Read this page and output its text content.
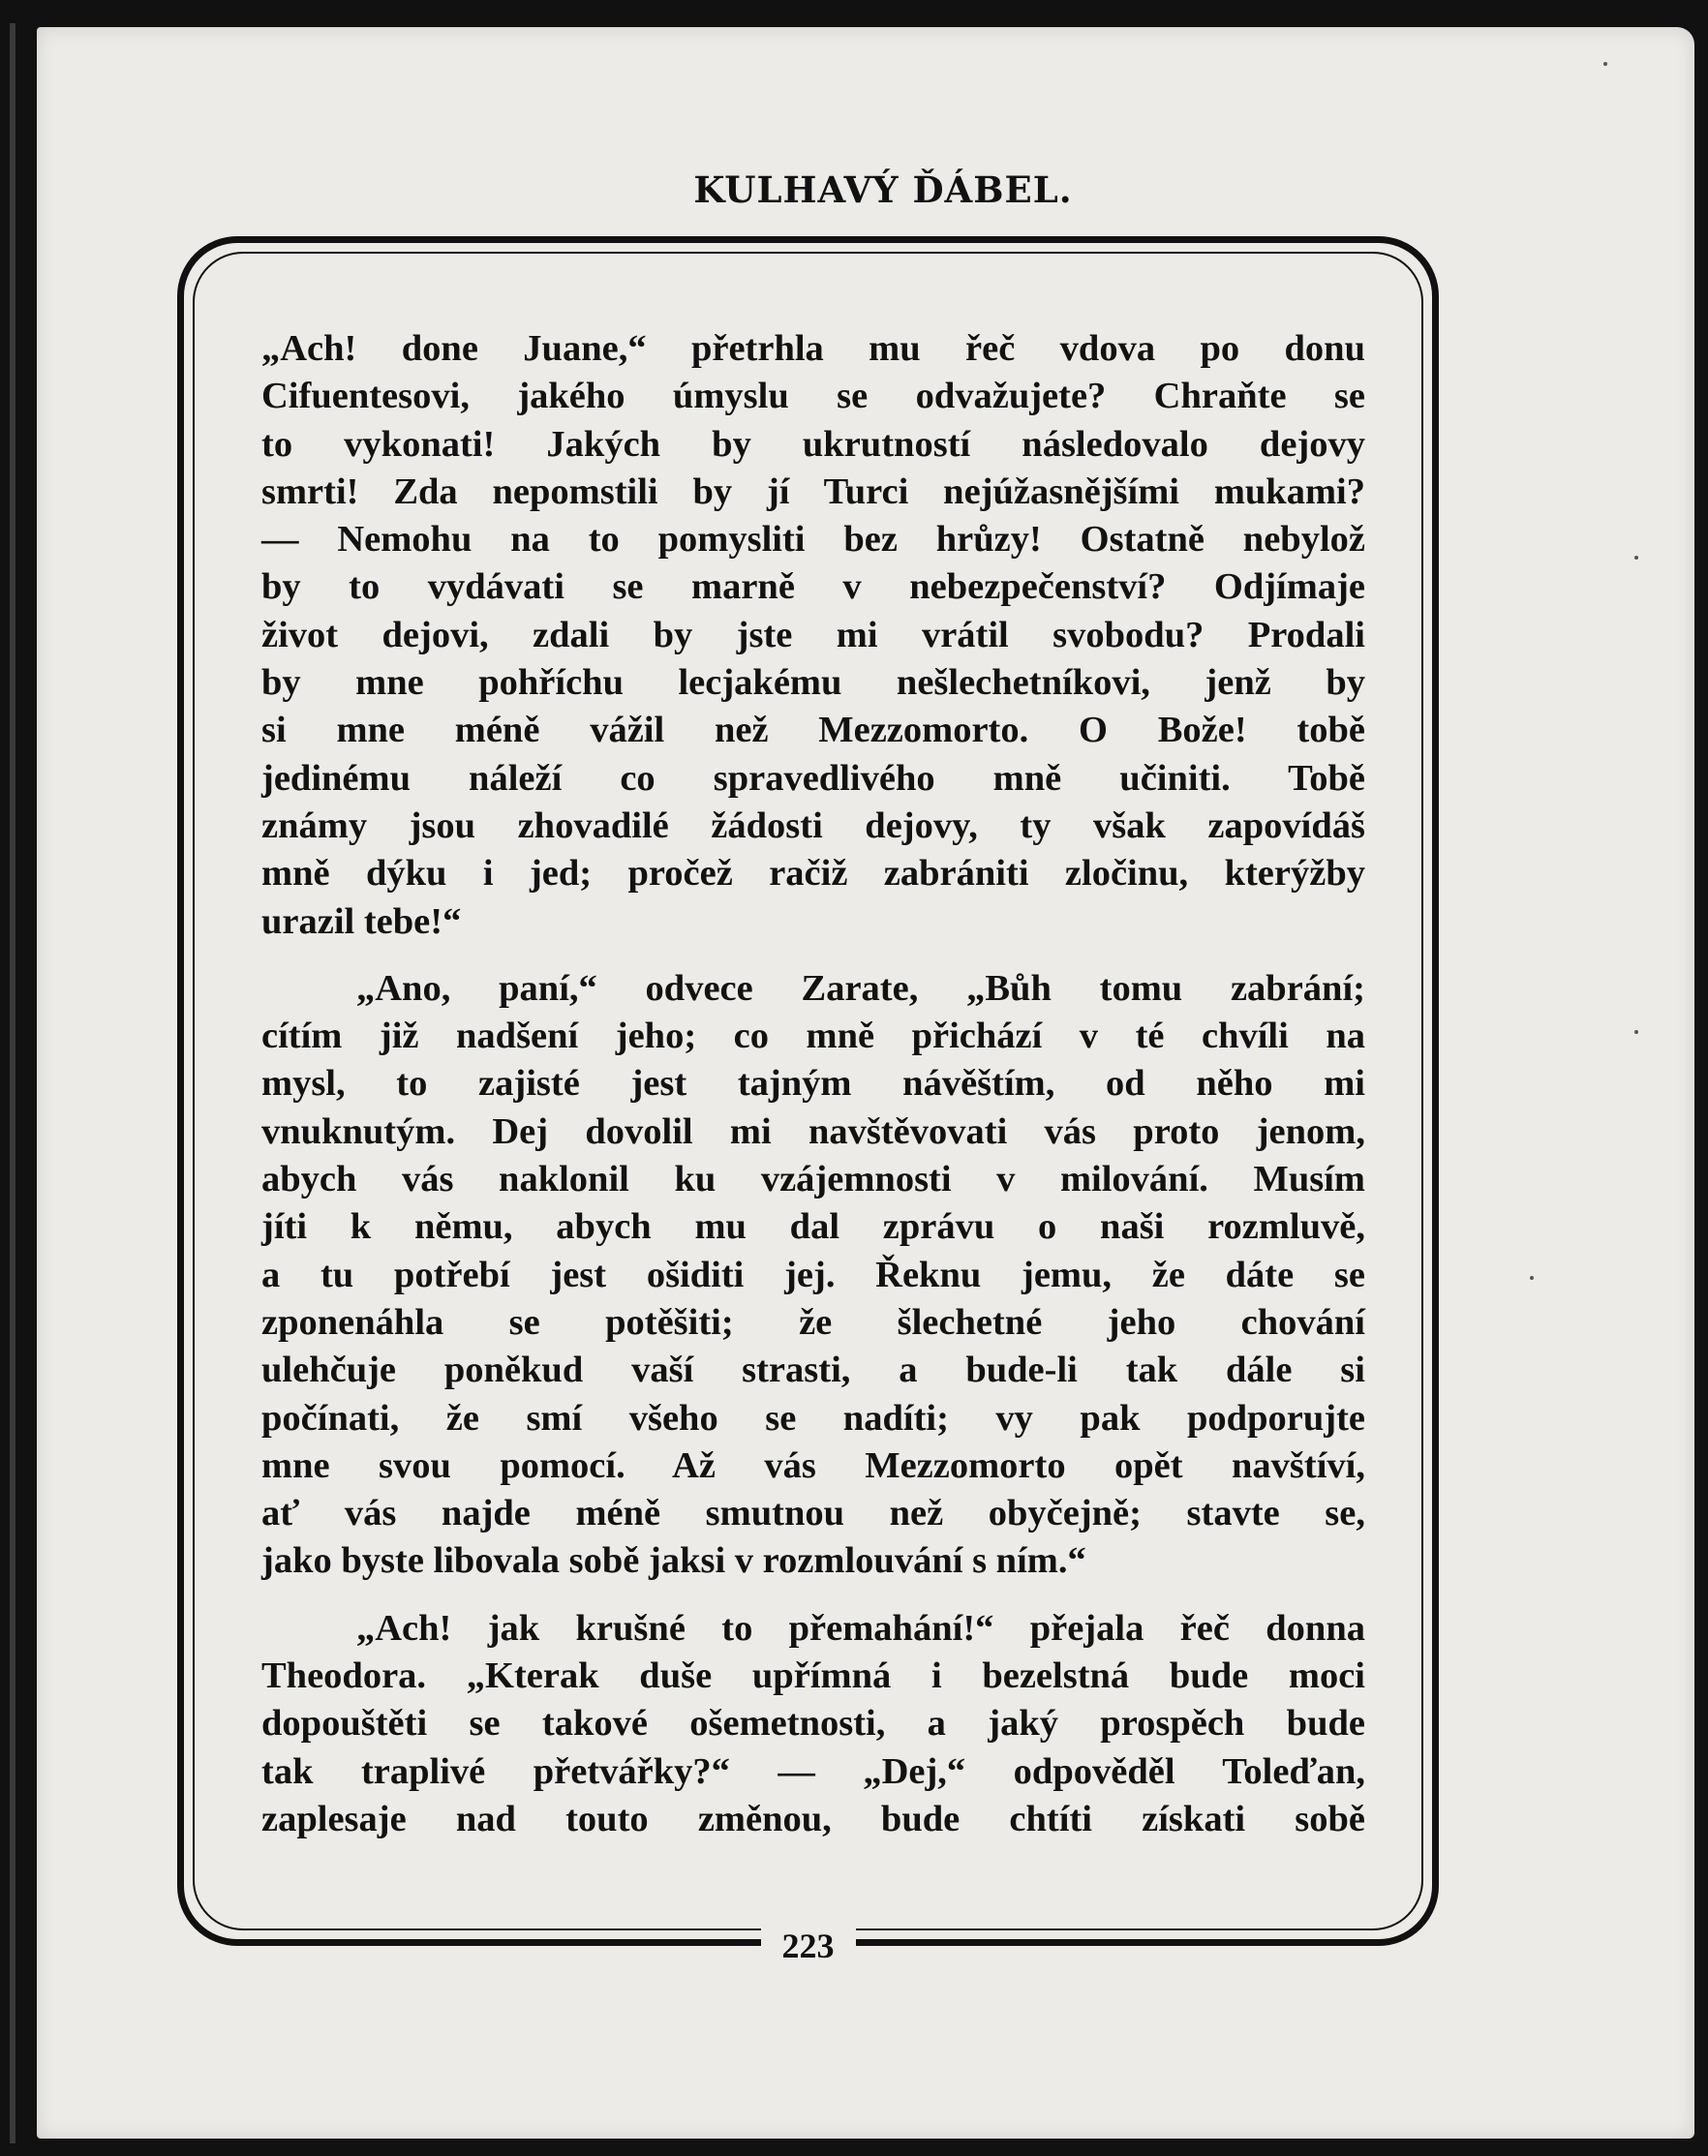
KULHAVÝ ĎÁBEL.
„Ach! done Juane,“ přetrhla mu řeč vdova po donu
Cifuentesovi, jakého úmyslu se odvažujete? Chraňte se
to vykonati! Jakých by ukrutností následovalo dejovy
smrti! Zda nepomstili by jí Turci nejúžasnějšími mukami?
— Nemohu na to pomysliti bez hrůzy! Ostatně nebylož
by to vydávati se marně v nebezpečenství? Odjímaje
život dejovi, zdali by jste mi vrátil svobodu? Prodali
by mne pohříchu lecjakému nešlechetníkovi, jenž by
si mne méně vážil než Mezzomorto. O Bože! tobě
jedinému náleží co spravedlivého mně učiniti. Tobě
známy jsou zhovadilé žádosti dejovy, ty však zapovídáš
mně dýku i jed; pročež račiž zabrániti zločinu, kterýžby
urazil tebe!“
„Ano, paní,“ odvece Zarate, „Bůh tomu zabrání;
cítím již nadšení jeho; co mně přichází v té chvíli na
mysl, to zajisté jest tajným návěštím, od něho mi
vnuknutým. Dej dovolil mi navštěvovati vás proto jenom,
abych vás naklonil ku vzájemnosti v milování. Musím
jíti k němu, abych mu dal zprávu o naši rozmluvě,
a tu potřebí jest ošiditi jej. Řeknu jemu, že dáte se
zponenáhla se potěšiti; že šlechetné jeho chování
ulehčuje poněkud vaší strasti, a bude-li tak dále si
počínati, že smí všeho se nadíti; vy pak podporujte
mne svou pomocí. Až vás Mezzomorto opět navštíví,
ať vás najde méně smutnou než obyčejně; stavte se,
jako byste libovala sobě jaksi v rozmlouvání s ním.“
„Ach! jak krušné to přemahání!“ přejala řeč donna
Theodora. „Kterak duše upřímná i bezelstná bude moci
dopouštěti se takové ošemetnosti, a jaký prospěch bude
tak traplivé přetvářky?“ — „Dej,“ odpověděl Toleďan,
zaplesaje nad touto změnou, bude chtíti získati sobě
223
